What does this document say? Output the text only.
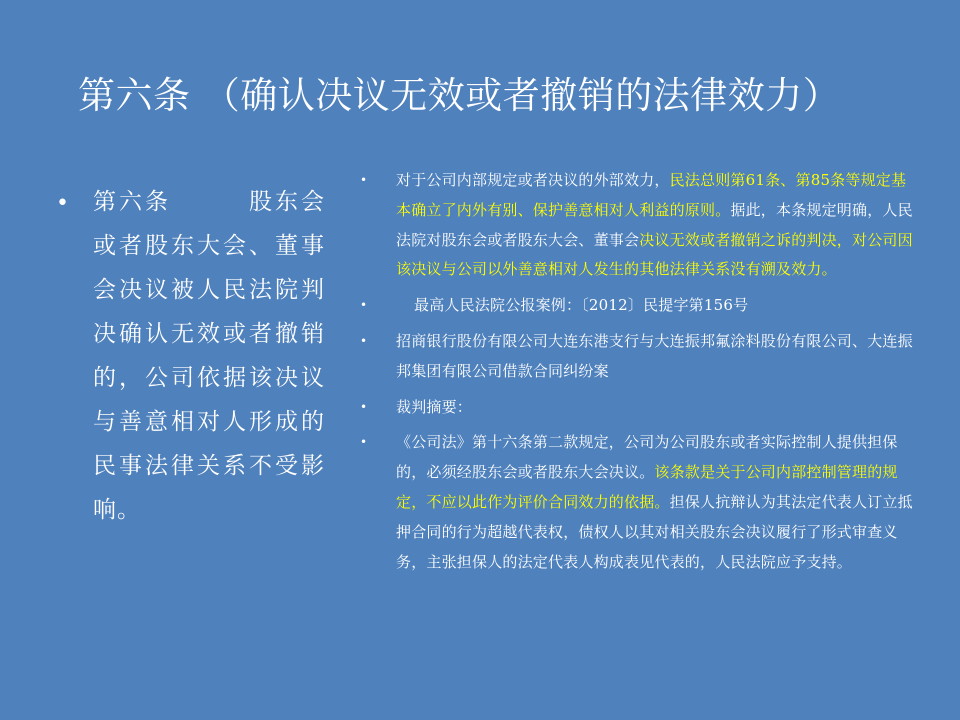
第六条 （确认决议无效或者撤销的法律效力）
• 第六条　　　股东会或者股东大会、董事会决议被人民法院判决确认无效或者撤销的，公司依据该决议与善意相对人形成的民事法律关系不受影响。
• 对于公司内部规定或者决议的外部效力，民法总则第61条、第85条等规定基本确立了内外有别、保护善意相对人利益的原则。据此，本条规定明确，人民法院对股东会或者股东大会、董事会决议无效或者撤销之诉的判决，对公司因该决议与公司以外善意相对人发生的其他法律关系没有溯及效力。
•	最高人民法院公报案例：〔2012〕民提字第156号
• 招商银行股份有限公司大连东港支行与大连振邦氟涂料股份有限公司、大连振邦集团有限公司借款合同纠纷案
• 裁判摘要：
• 《公司法》第十六条第二款规定，公司为公司股东或者实际控制人提供担保的，必须经股东会或者股东大会决议。该条款是关于公司内部控制管理的规定，不应以此作为评价合同效力的依据。担保人抗辩认为其法定代表人订立抵押合同的行为超越代表权，债权人以其对相关股东会决议履行了形式审查义务，主张担保人的法定代表人构成表见代表的，人民法院应予支持。
